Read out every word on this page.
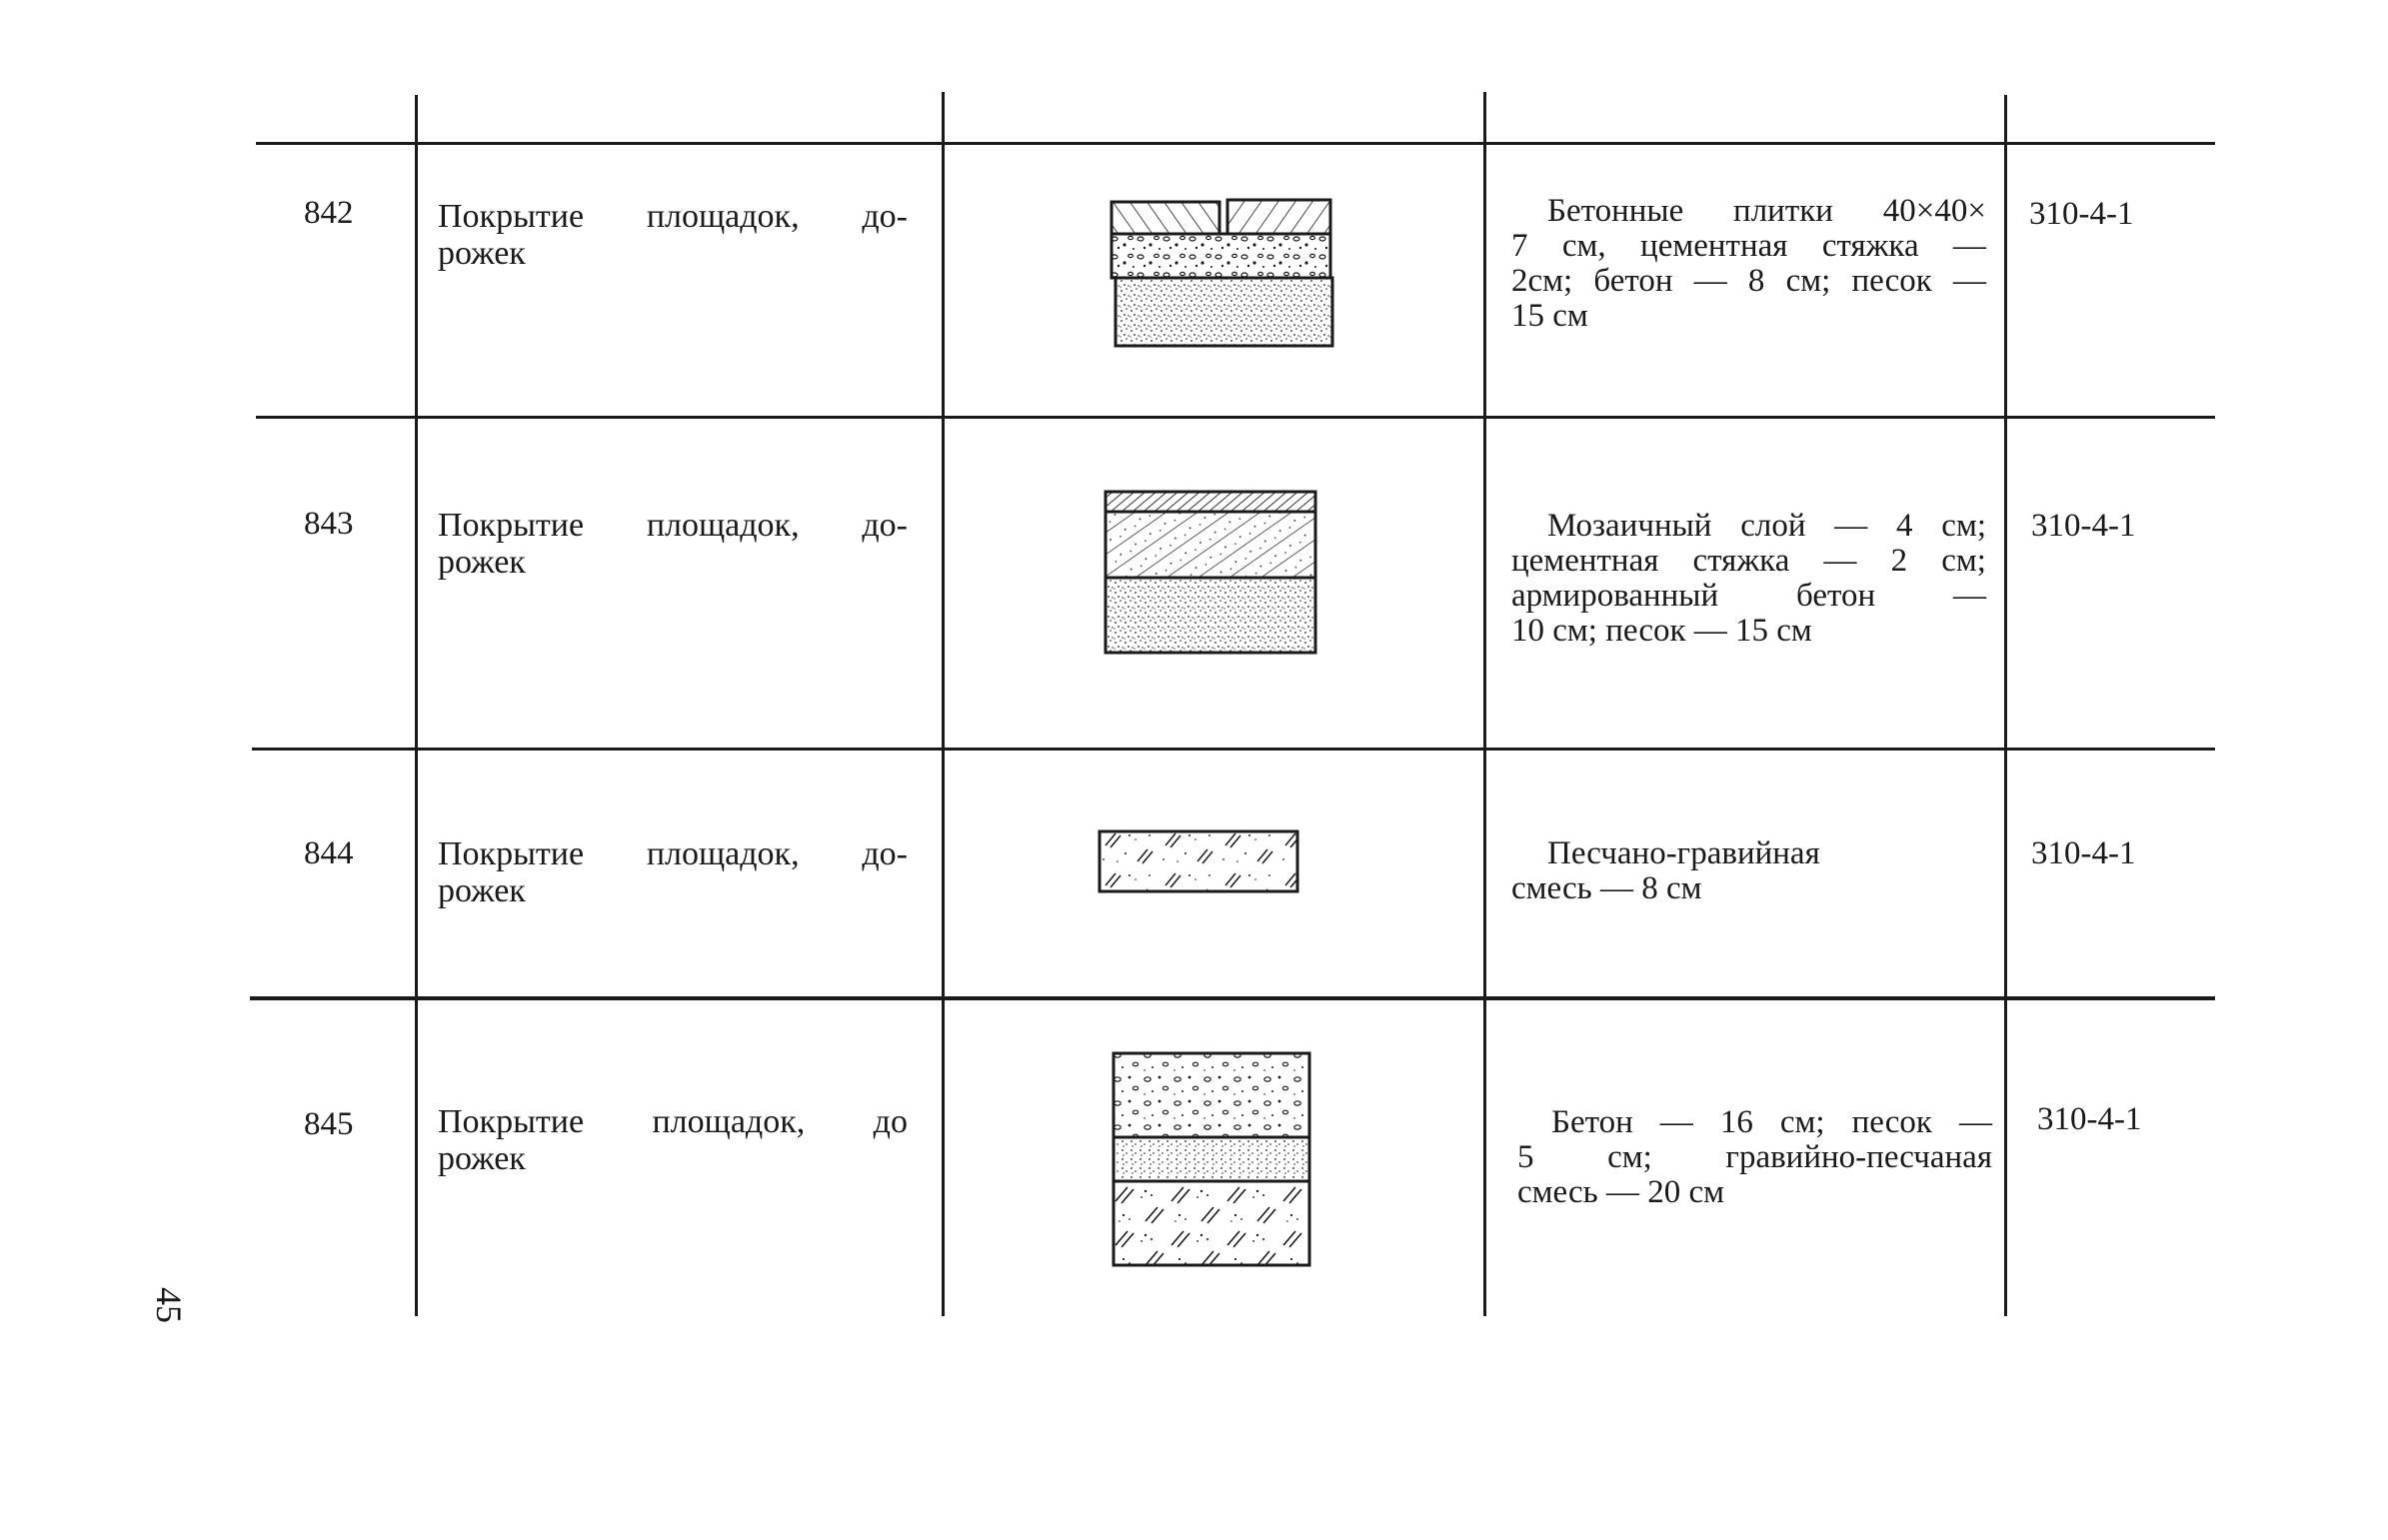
842 Покрытие площадок, до-
рожек
Бетонные плитки 40×40×
7 см, цементная стяжка —
2см; бетон — 8 см; песок —
15 см
310-4-1
843 Покрытие площадок, до-
рожек
Мозаичный слой — 4 см;
цементная стяжка — 2 см;
армированный бетон —
10 см; песок — 15 см
310-4-1
844 Покрытие площадок, до-
рожек
Песчано-гравийная
смесь — 8 см
310-4-1
845 Покрытие площадок, до
рожек
Бетон — 16 см; песок —
5 см; гравийно-песчаная
смесь — 20 см
310-4-1
45
